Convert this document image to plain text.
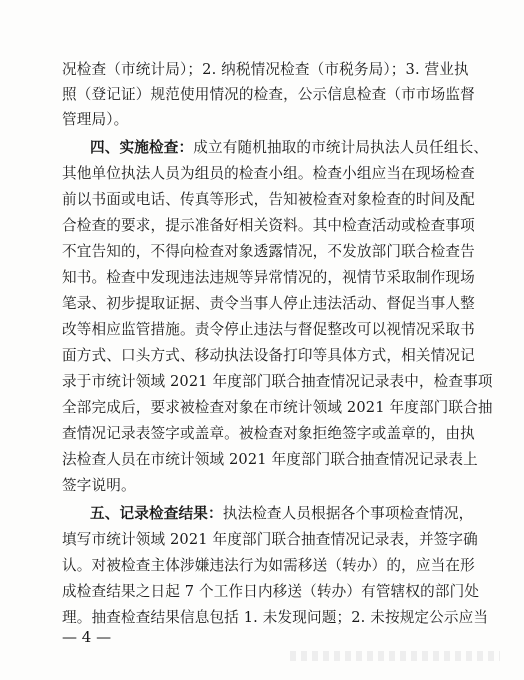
况检查（市统计局）；2. 纳税情况检查（市税务局）；3. 营业执
照（登记证）规范使用情况的检查，公示信息检查（市市场监督
管理局）。
四、实施检查：成立有随机抽取的市统计局执法人员任组长、
其他单位执法人员为组员的检查小组。检查小组应当在现场检查
前以书面或电话、传真等形式，告知被检查对象检查的时间及配
合检查的要求，提示准备好相关资料。其中检查活动或检查事项
不宜告知的，不得向检查对象透露情况，不发放部门联合检查告
知书。检查中发现违法违规等异常情况的，视情节采取制作现场
笔录、初步提取证据、责令当事人停止违法活动、督促当事人整
改等相应监管措施。责令停止违法与督促整改可以视情况采取书
面方式、口头方式、移动执法设备打印等具体方式，相关情况记
录于市统计领域 2021 年度部门联合抽查情况记录表中，检查事项
全部完成后，要求被检查对象在市统计领域 2021 年度部门联合抽
查情况记录表签字或盖章。被检查对象拒绝签字或盖章的，由执
法检查人员在市统计领域 2021 年度部门联合抽查情况记录表上
签字说明。
五、记录检查结果：执法检查人员根据各个事项检查情况，
填写市统计领域 2021 年度部门联合抽查情况记录表，并签字确
认。对被检查主体涉嫌违法行为如需移送（转办）的，应当在形
成检查结果之日起 7 个工作日内移送（转办）有管辖权的部门处
理。抽查检查结果信息包括 1. 未发现问题；2. 未按规定公示应当
— 4 —
